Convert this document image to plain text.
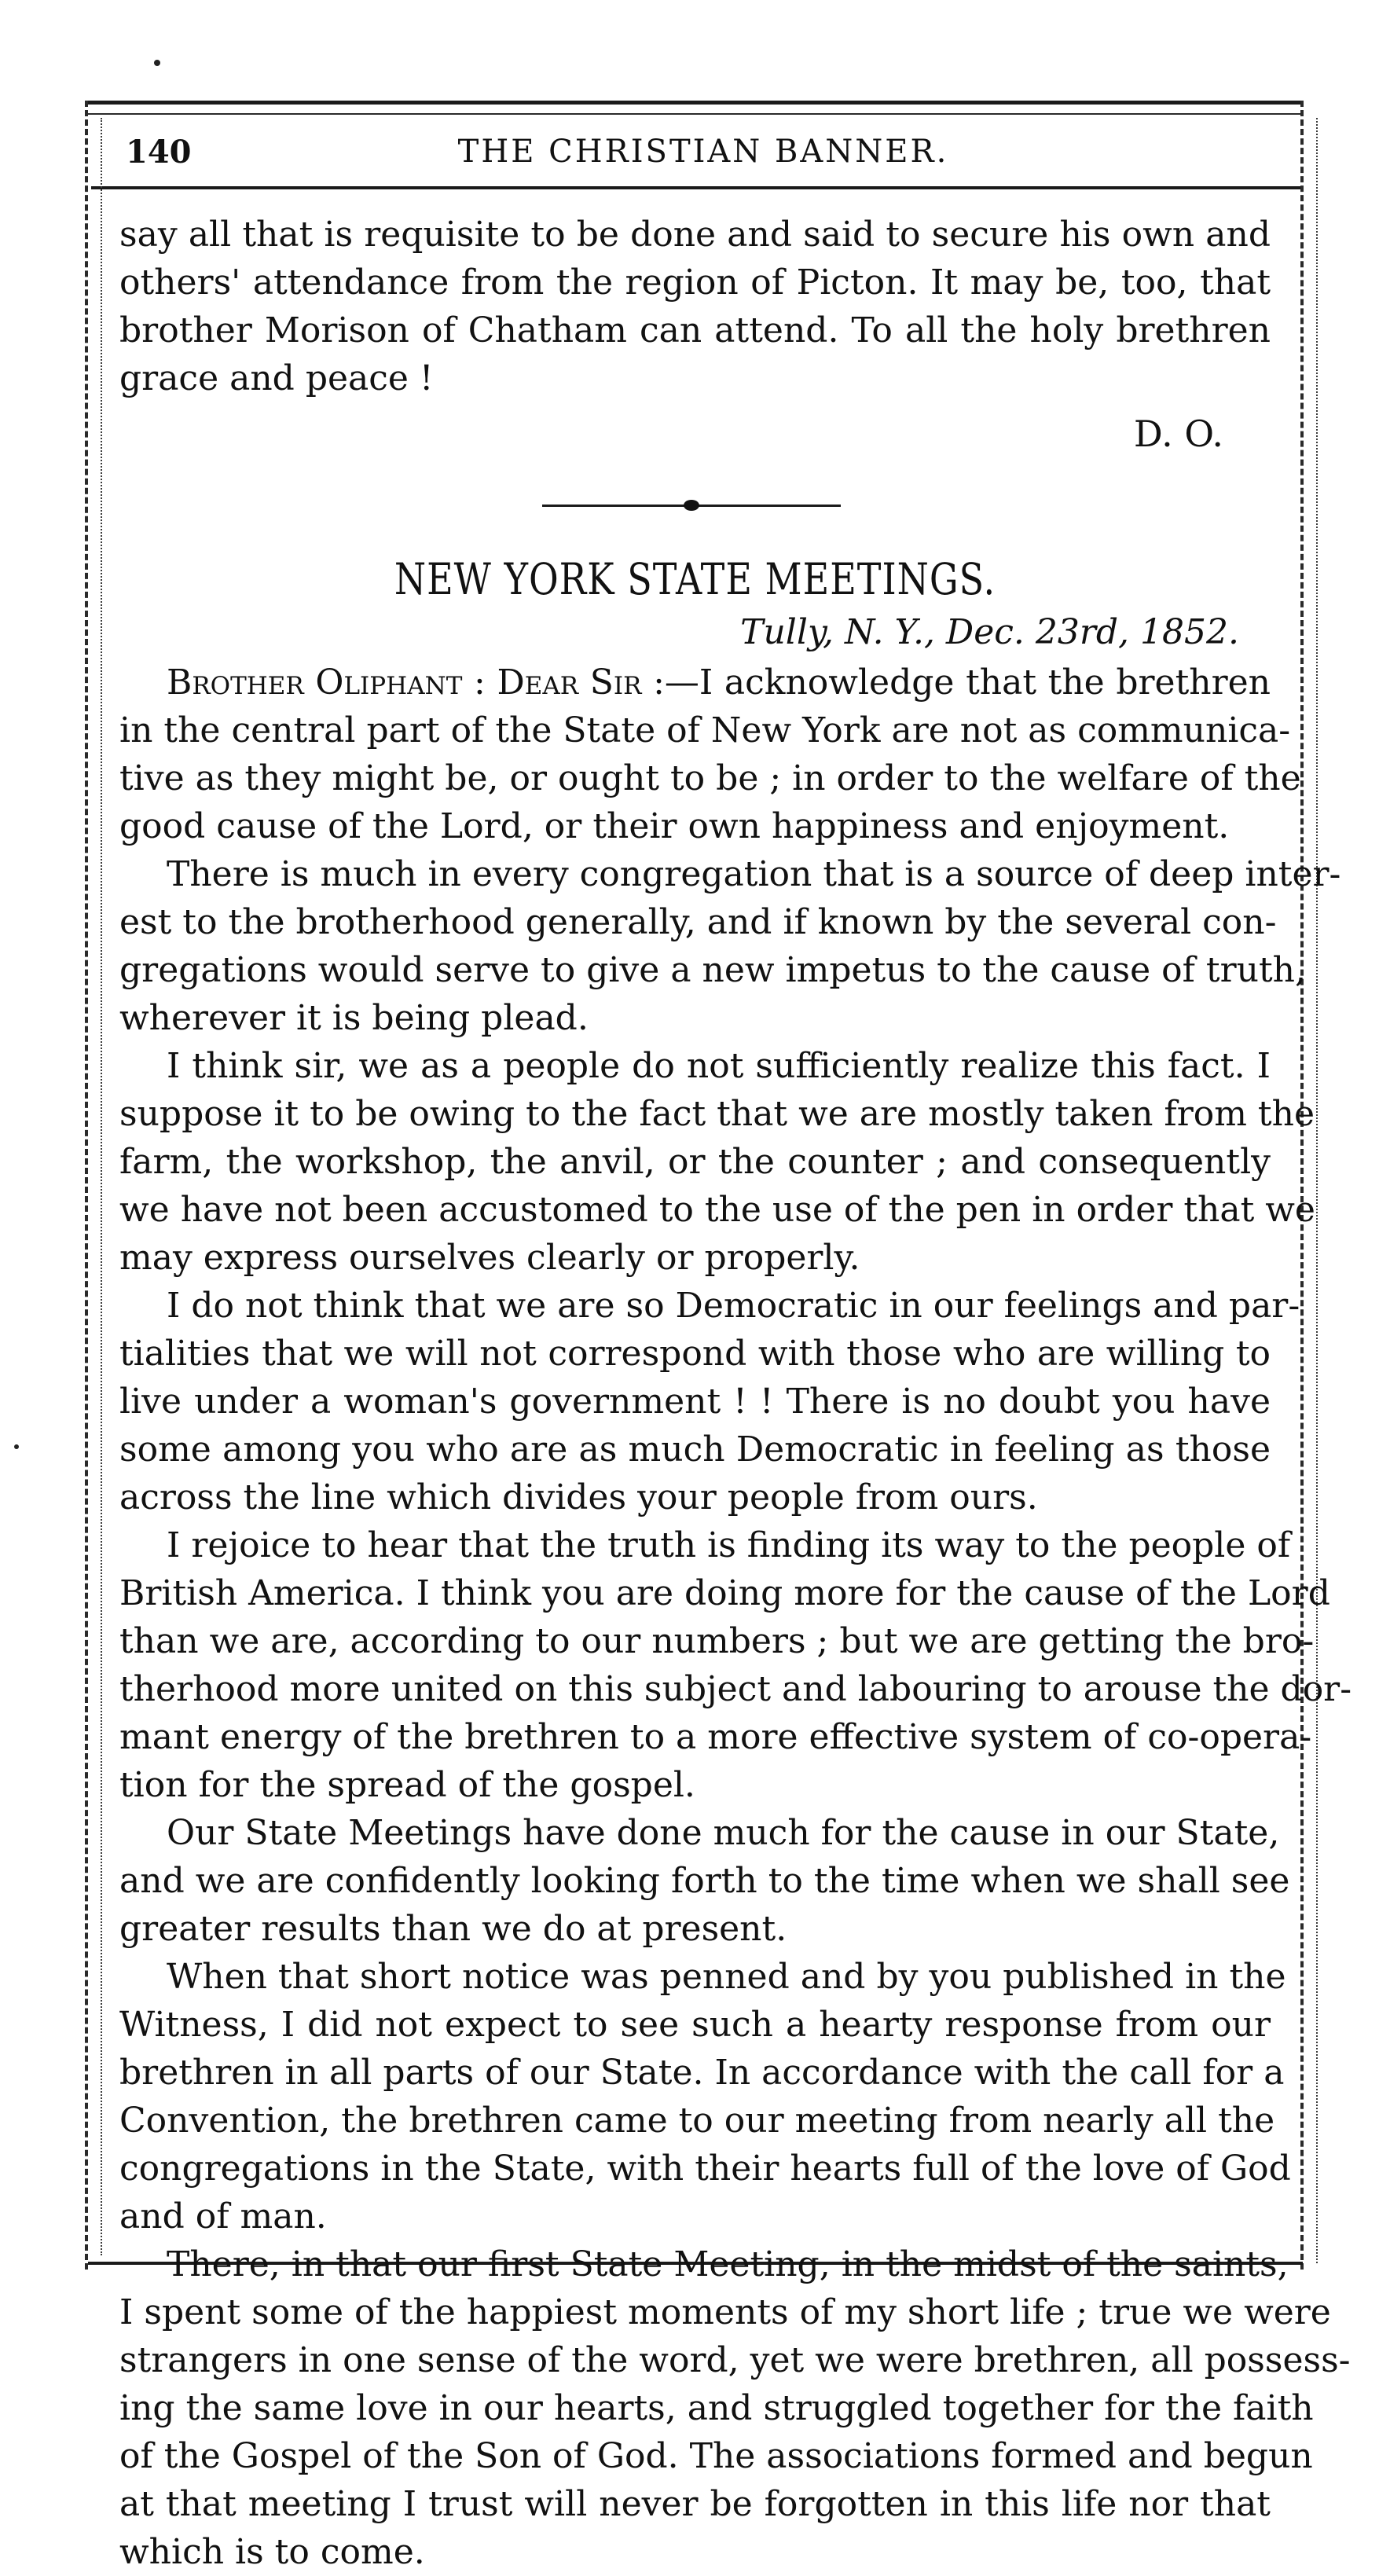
140	THE CHRISTIAN BANNER.
say all that is requisite to be done and said to secure his own and
others' attendance from the region of Picton. It may be, too, that
brother Morison of Chatham can attend. To all the holy brethren
grace and peace !
D. O.
NEW YORK STATE MEETINGS.
Tully, N. Y., Dec. 23rd, 1852.
Brother Oliphant : Dear Sir :—I acknowledge that the brethren
in the central part of the State of New York are not as communica-
tive as they might be, or ought to be ; in order to the welfare of the
good cause of the Lord, or their own happiness and enjoyment.
There is much in every congregation that is a source of deep inter-
est to the brotherhood generally, and if known by the several con-
gregations would serve to give a new impetus to the cause of truth,
wherever it is being plead.
I think sir, we as a people do not sufficiently realize this fact. I
suppose it to be owing to the fact that we are mostly taken from the
farm, the workshop, the anvil, or the counter ; and consequently
we have not been accustomed to the use of the pen in order that we
may express ourselves clearly or properly.
I do not think that we are so Democratic in our feelings and par-
tialities that we will not correspond with those who are willing to
live under a woman's government ! ! There is no doubt you have
some among you who are as much Democratic in feeling as those
across the line which divides your people from ours.
I rejoice to hear that the truth is finding its way to the people of
British America. I think you are doing more for the cause of the Lord
than we are, according to our numbers ; but we are getting the bro-
therhood more united on this subject and labouring to arouse the dor-
mant energy of the brethren to a more effective system of co-opera-
tion for the spread of the gospel.
Our State Meetings have done much for the cause in our State,
and we are confidently looking forth to the time when we shall see
greater results than we do at present.
When that short notice was penned and by you published in the
Witness, I did not expect to see such a hearty response from our
brethren in all parts of our State. In accordance with the call for a
Convention, the brethren came to our meeting from nearly all the
congregations in the State, with their hearts full of the love of God
and of man.
There, in that our first State Meeting, in the midst of the saints,
I spent some of the happiest moments of my short life ; true we were
strangers in one sense of the word, yet we were brethren, all possess-
ing the same love in our hearts, and struggled together for the faith
of the Gospel of the Son of God. The associations formed and begun
at that meeting I trust will never be forgotten in this life nor that
which is to come.
